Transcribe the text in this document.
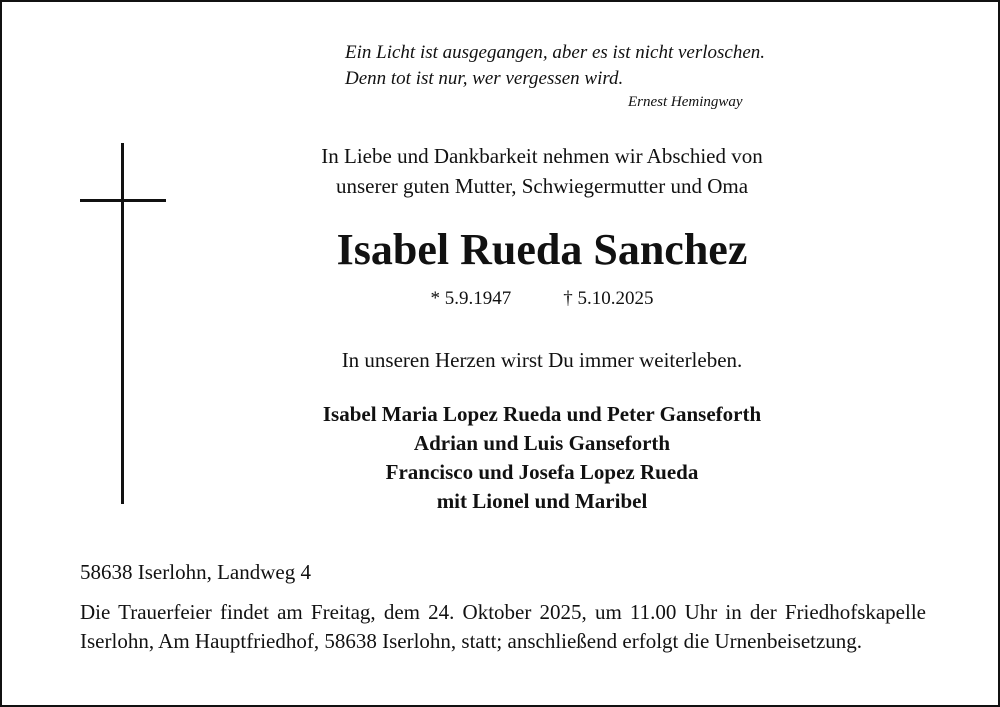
Ein Licht ist ausgegangen, aber es ist nicht verloschen.
Denn tot ist nur, wer vergessen wird.
Ernest Hemingway
In Liebe und Dankbarkeit nehmen wir Abschied von
unserer guten Mutter, Schwiegermutter und Oma
Isabel Rueda Sanchez
* 5.9.1947	† 5.10.2025
In unseren Herzen wirst Du immer weiterleben.
Isabel Maria Lopez Rueda und Peter Ganseforth
Adrian und Luis Ganseforth
Francisco und Josefa Lopez Rueda
mit Lionel und Maribel
58638 Iserlohn, Landweg 4
Die Trauerfeier findet am Freitag, dem 24. Oktober 2025, um 11.00 Uhr in der Friedhofskapelle Iserlohn, Am Hauptfriedhof, 58638 Iserlohn, statt; anschließend erfolgt die Urnenbeisetzung.
